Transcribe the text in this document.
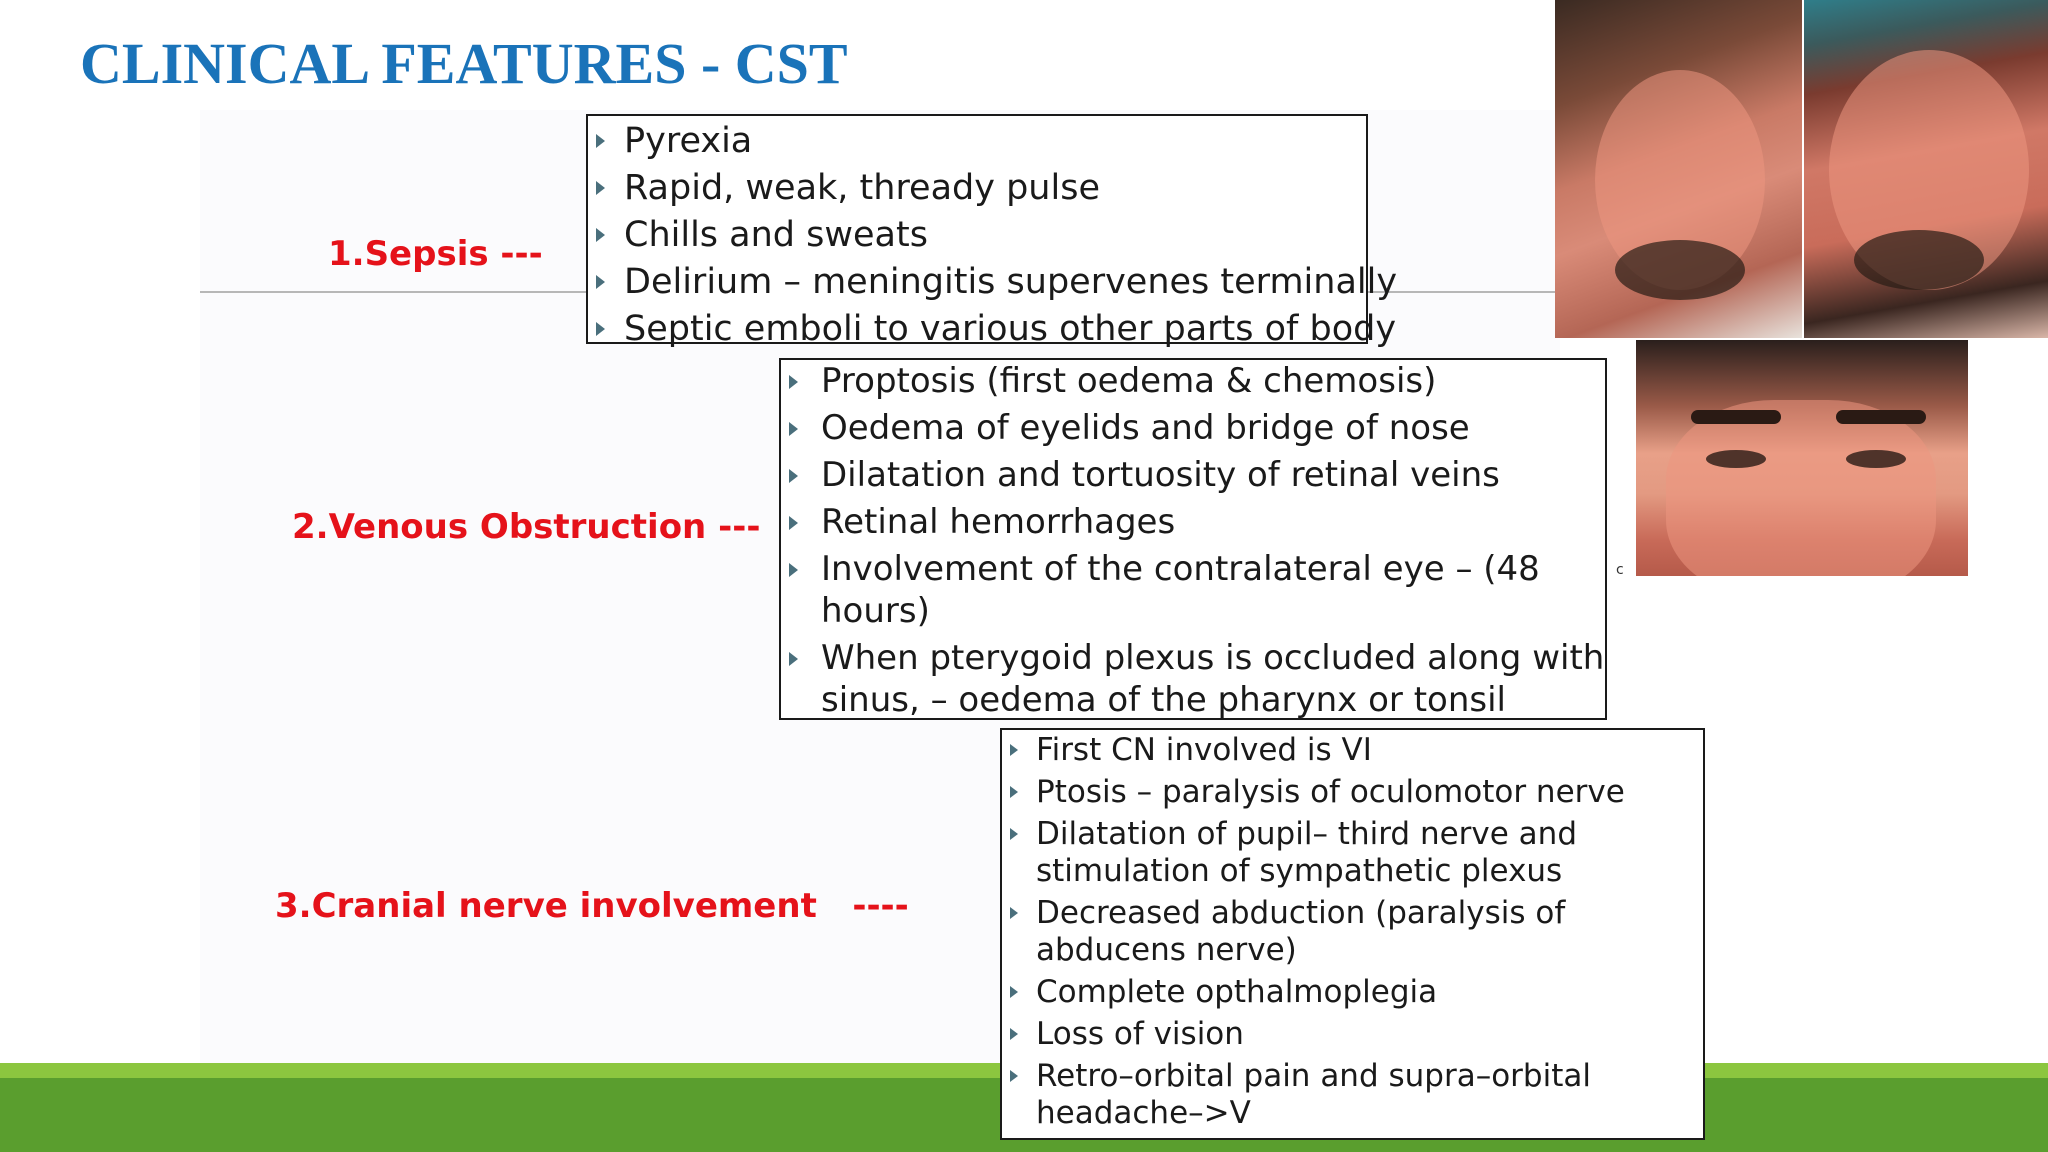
CLINICAL FEATURES - CST
1.Sepsis ---
2.Venous Obstruction ---
3.Cranial nerve involvement   ----
Pyrexia
Rapid, weak, thready pulse
Chills and sweats
Delirium – meningitis supervenes terminally
Septic emboli to various other parts of body
Proptosis (first oedema & chemosis)
Oedema of eyelids and bridge of nose
Dilatation and tortuosity of retinal veins
Retinal hemorrhages
Involvement of the contralateral eye – (48 hours)
When pterygoid plexus is occluded along with sinus, – oedema of the pharynx or tonsil
First CN involved is VI
Ptosis – paralysis of oculomotor nerve
Dilatation of pupil– third nerve and stimulation of sympathetic plexus
Decreased abduction (paralysis of abducens nerve)
Complete opthalmoplegia
Loss of vision
Retro–orbital pain and supra–orbital headache–>V
c
